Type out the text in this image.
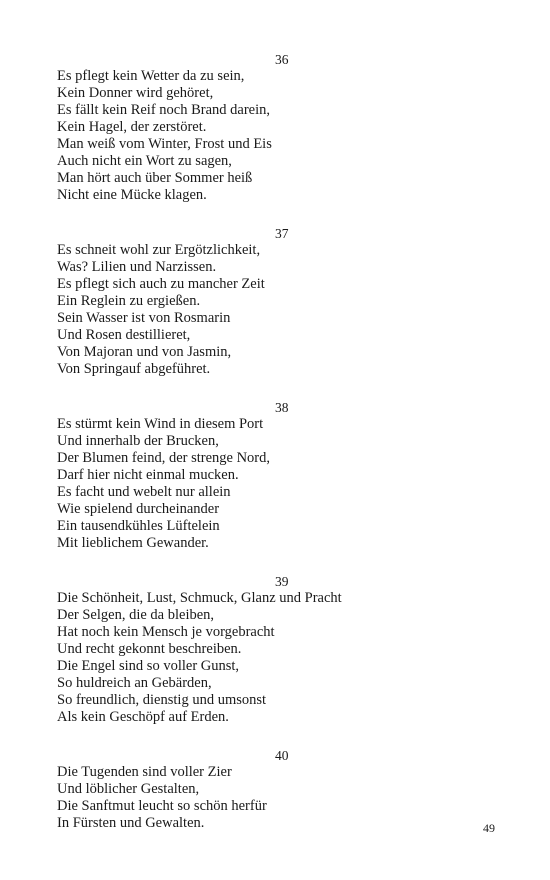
36
Es pflegt kein Wetter da zu sein,
Kein Donner wird gehöret,
Es fällt kein Reif noch Brand darein,
Kein Hagel, der zerstöret.
Man weiß vom Winter, Frost und Eis
Auch nicht ein Wort zu sagen,
Man hört auch über Sommer heiß
Nicht eine Mücke klagen.
37
Es schneit wohl zur Ergötzlichkeit,
Was? Lilien und Narzissen.
Es pflegt sich auch zu mancher Zeit
Ein Reglein zu ergießen.
Sein Wasser ist von Rosmarin
Und Rosen destillieret,
Von Majoran und von Jasmin,
Von Springauf abgeführet.
38
Es stürmt kein Wind in diesem Port
Und innerhalb der Brucken,
Der Blumen feind, der strenge Nord,
Darf hier nicht einmal mucken.
Es facht und webelt nur allein
Wie spielend durcheinander
Ein tausendkühles Lüftelein
Mit lieblichem Gewander.
39
Die Schönheit, Lust, Schmuck, Glanz und Pracht
Der Selgen, die da bleiben,
Hat noch kein Mensch je vorgebracht
Und recht gekonnt beschreiben.
Die Engel sind so voller Gunst,
So huldreich an Gebärden,
So freundlich, dienstig und umsonst
Als kein Geschöpf auf Erden.
40
Die Tugenden sind voller Zier
Und löblicher Gestalten,
Die Sanftmut leucht so schön herfür
In Fürsten und Gewalten.	49
